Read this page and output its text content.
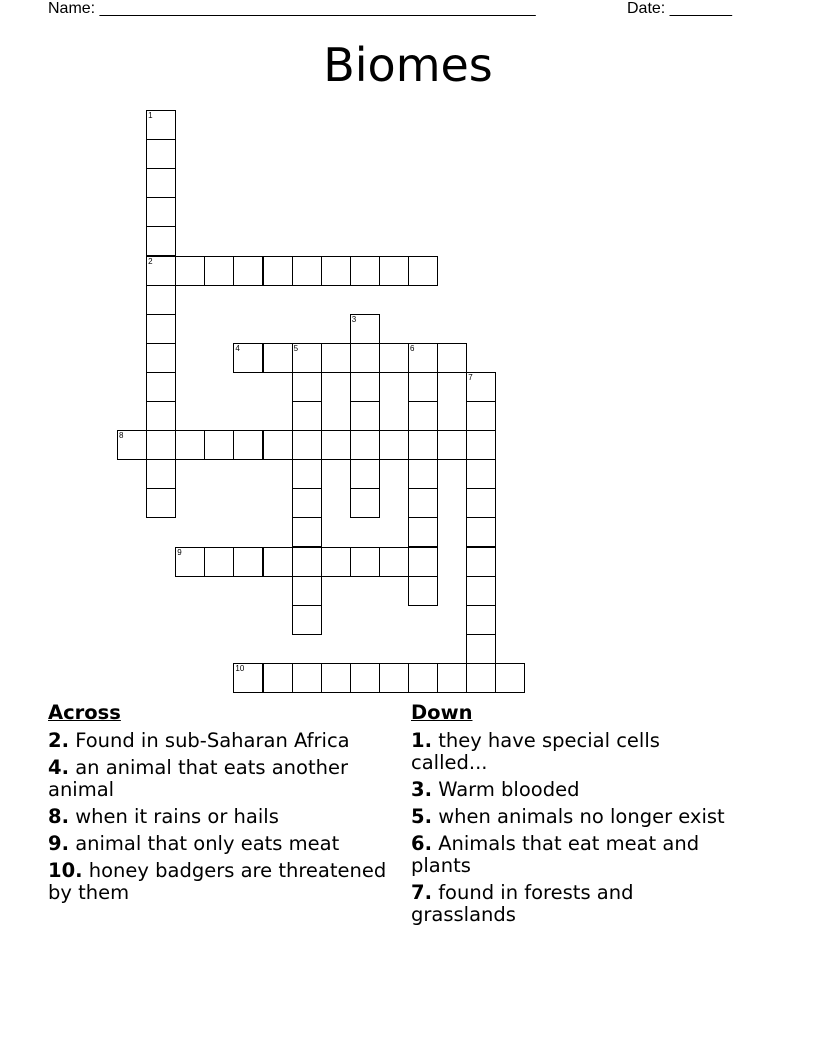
Name: _________________________________________________	Date: _______
Biomes
1
2
3
4	5	6
7
8
9
10
Across
2. Found in sub-Saharan Africa
4. an animal that eats another animal
8. when it rains or hails
9. animal that only eats meat
10. honey badgers are threatened by them
Down
1. they have special cells called...
3. Warm blooded
5. when animals no longer exist
6. Animals that eat meat and plants
7. found in forests and grasslands
